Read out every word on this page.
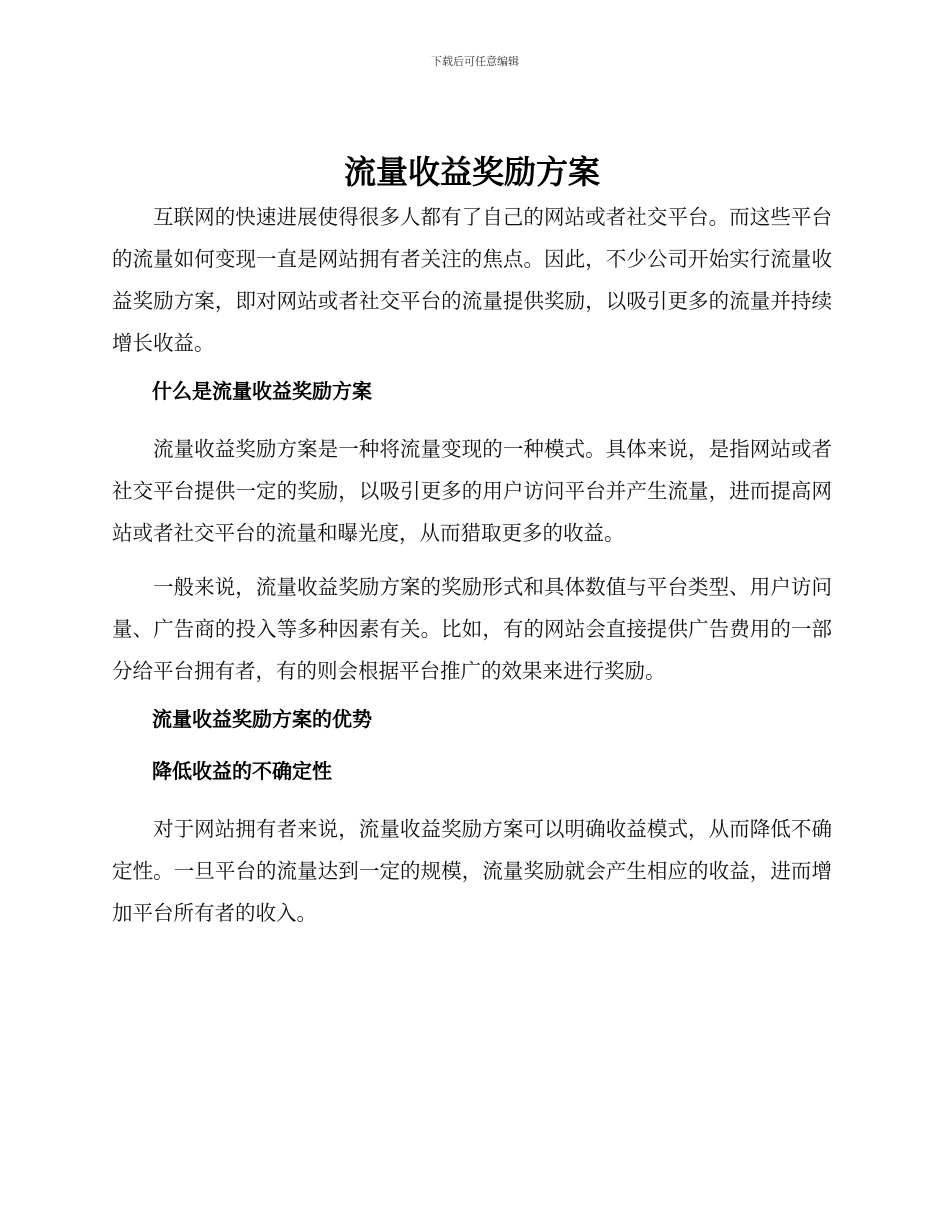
下载后可任意编辑
流量收益奖励方案

互联网的快速进展使得很多人都有了自己的网站或者社交平台。而这些平台的流量如何变现一直是网站拥有者关注的焦点。因此，不少公司开始实行流量收益奖励方案，即对网站或者社交平台的流量提供奖励，以吸引更多的流量并持续增长收益。

什么是流量收益奖励方案

流量收益奖励方案是一种将流量变现的一种模式。具体来说，是指网站或者社交平台提供一定的奖励，以吸引更多的用户访问平台并产生流量，进而提高网站或者社交平台的流量和曝光度，从而猎取更多的收益。

一般来说，流量收益奖励方案的奖励形式和具体数值与平台类型、用户访问量、广告商的投入等多种因素有关。比如，有的网站会直接提供广告费用的一部分给平台拥有者，有的则会根据平台推广的效果来进行奖励。

流量收益奖励方案的优势
降低收益的不确定性

对于网站拥有者来说，流量收益奖励方案可以明确收益模式，从而降低不确定性。一旦平台的流量达到一定的规模，流量奖励就会产生相应的收益，进而增加平台所有者的收入。
